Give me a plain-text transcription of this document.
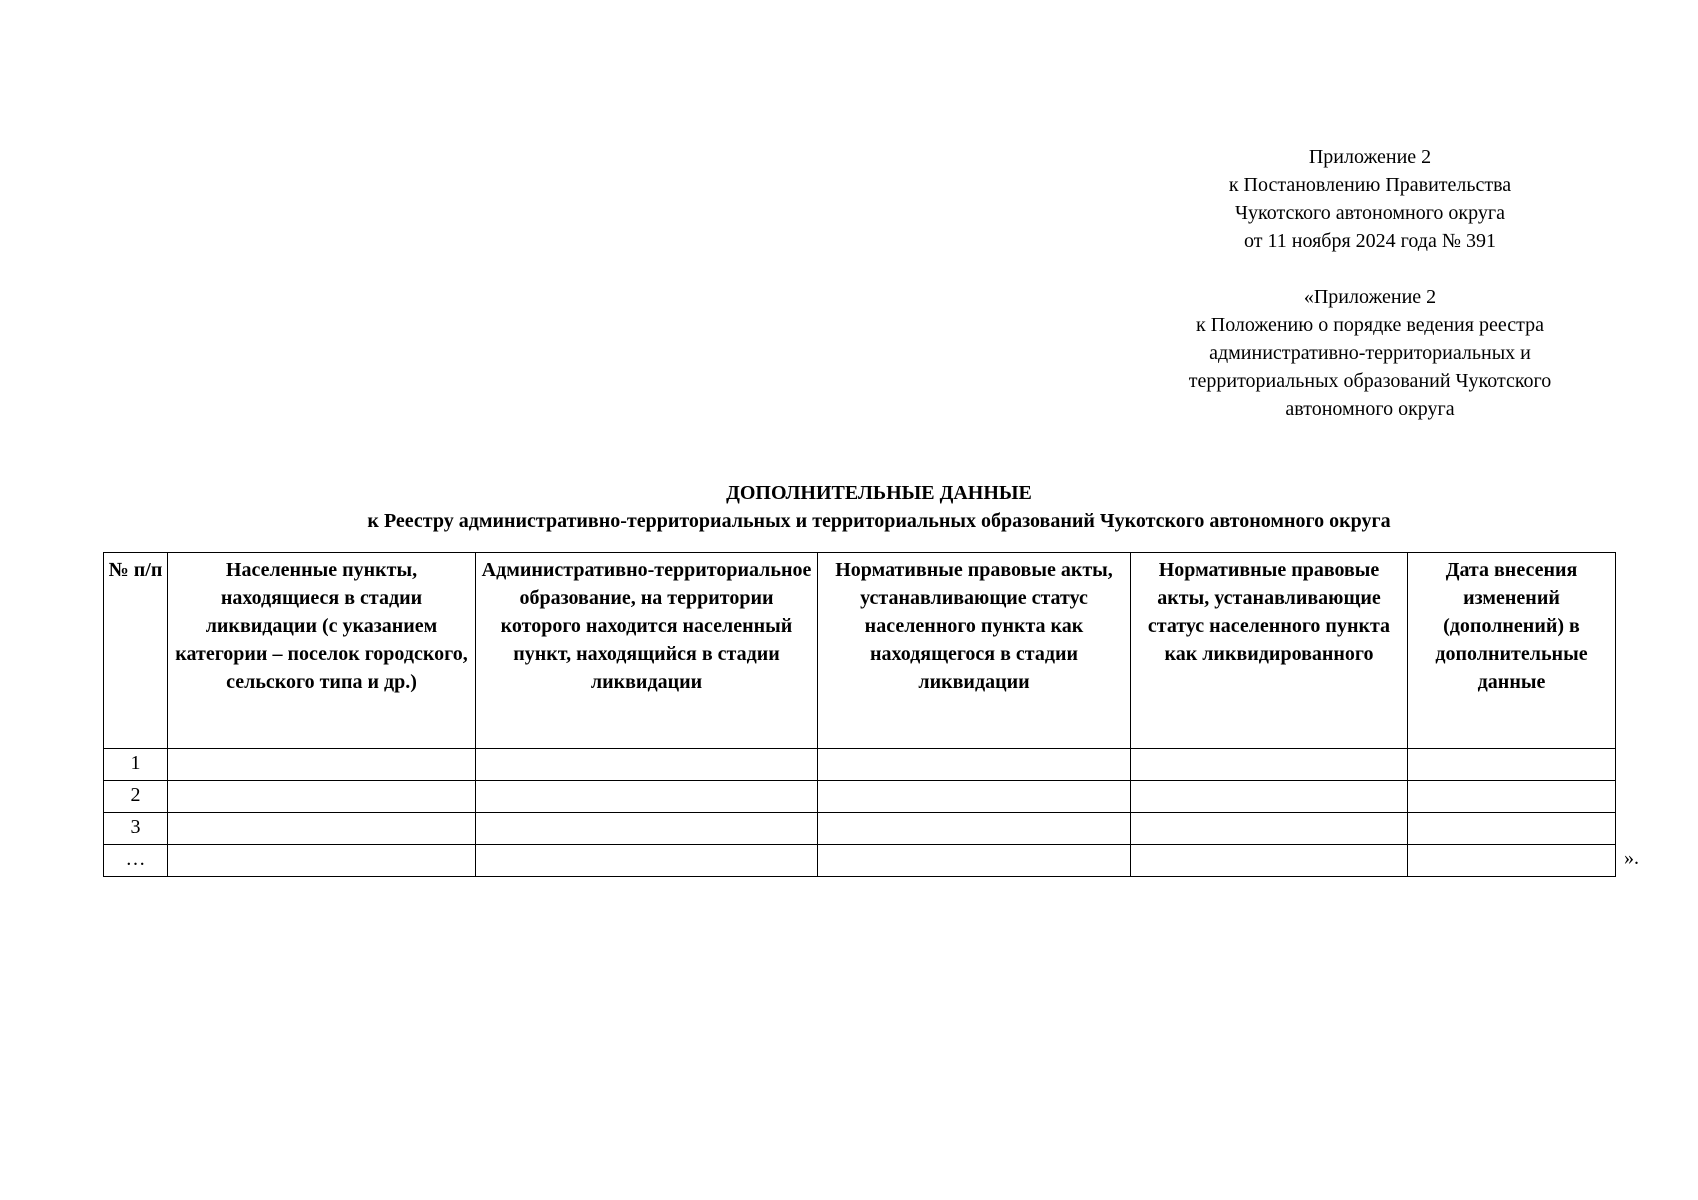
Приложение 2
к Постановлению Правительства
Чукотского автономного округа
от 11 ноября 2024 года № 391
«Приложение 2
к Положению о порядке ведения реестра
административно-территориальных и
территориальных образований Чукотского
автономного округа
ДОПОЛНИТЕЛЬНЫЕ ДАННЫЕ
к Реестру административно-территориальных и территориальных образований Чукотского автономного округа
№ п/п	Населенные пункты, находящиеся в стадии ликвидации (с указанием категории – поселок городского, сельского типа и др.)	Административно-территориальное образование, на территории которого находится населенный пункт, находящийся в стадии ликвидации	Нормативные правовые акты, устанавливающие статус населенного пункта как находящегося в стадии ликвидации	Нормативные правовые акты, устанавливающие статус населенного пункта как ликвидированного	Дата внесения изменений (дополнений) в дополнительные данные
1					
2					
3					
…						».
